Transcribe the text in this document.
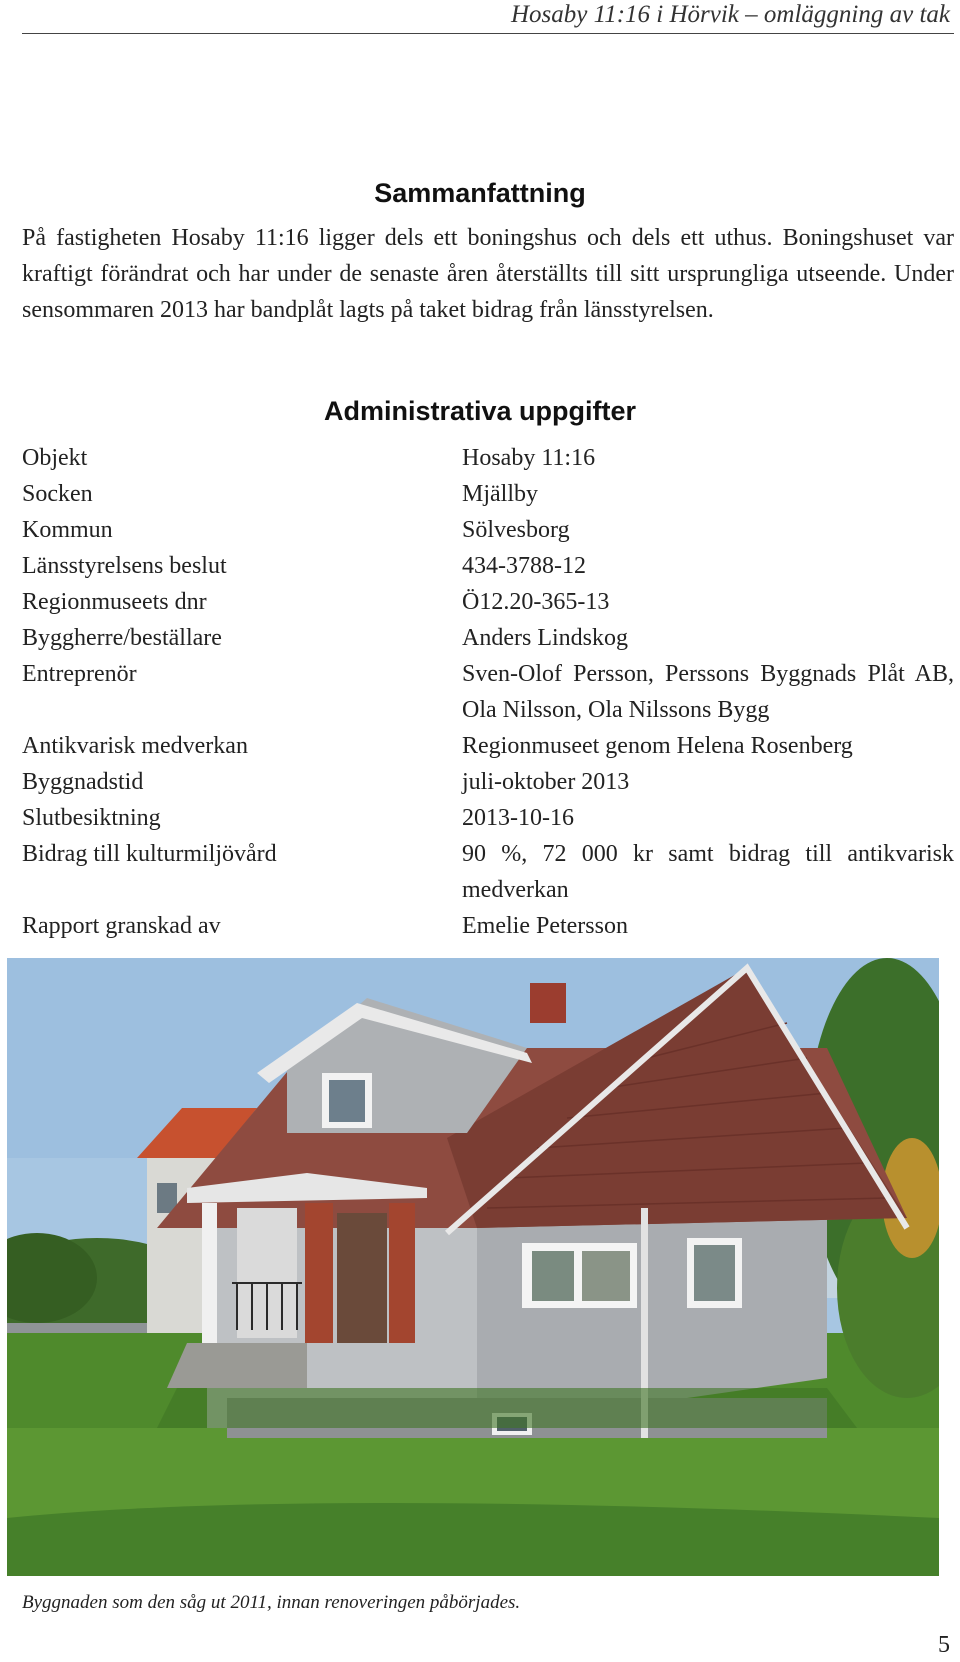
Hosaby 11:16 i Hörvik – omläggning av tak
Sammanfattning
På fastigheten Hosaby 11:16 ligger dels ett boningshus och dels ett uthus. Boningshuset var kraftigt förändrat och har under de senaste åren återställts till sitt ursprungliga utseende. Under sensommaren 2013 har bandplåt lagts på taket bidrag från länsstyrelsen.
Administrativa uppgifter
Objekt	Hosaby 11:16
Socken	Mjällby
Kommun	Sölvesborg
Länsstyrelsens beslut	434-3788-12
Regionmuseets dnr	Ö12.20-365-13
Byggherre/beställare	Anders Lindskog
Entreprenör	Sven-Olof Persson, Perssons Byggnads Plåt AB, Ola Nilsson, Ola Nilssons Bygg
Antikvarisk medverkan	Regionmuseet genom Helena Rosenberg
Byggnadstid	juli-oktober 2013
Slutbesiktning	2013-10-16
Bidrag till kulturmiljövård	90 %, 72 000 kr samt bidrag till antikvarisk medverkan
Rapport granskad av	Emelie Petersson
Byggnaden som den såg ut 2011, innan renoveringen påbörjades.
5
